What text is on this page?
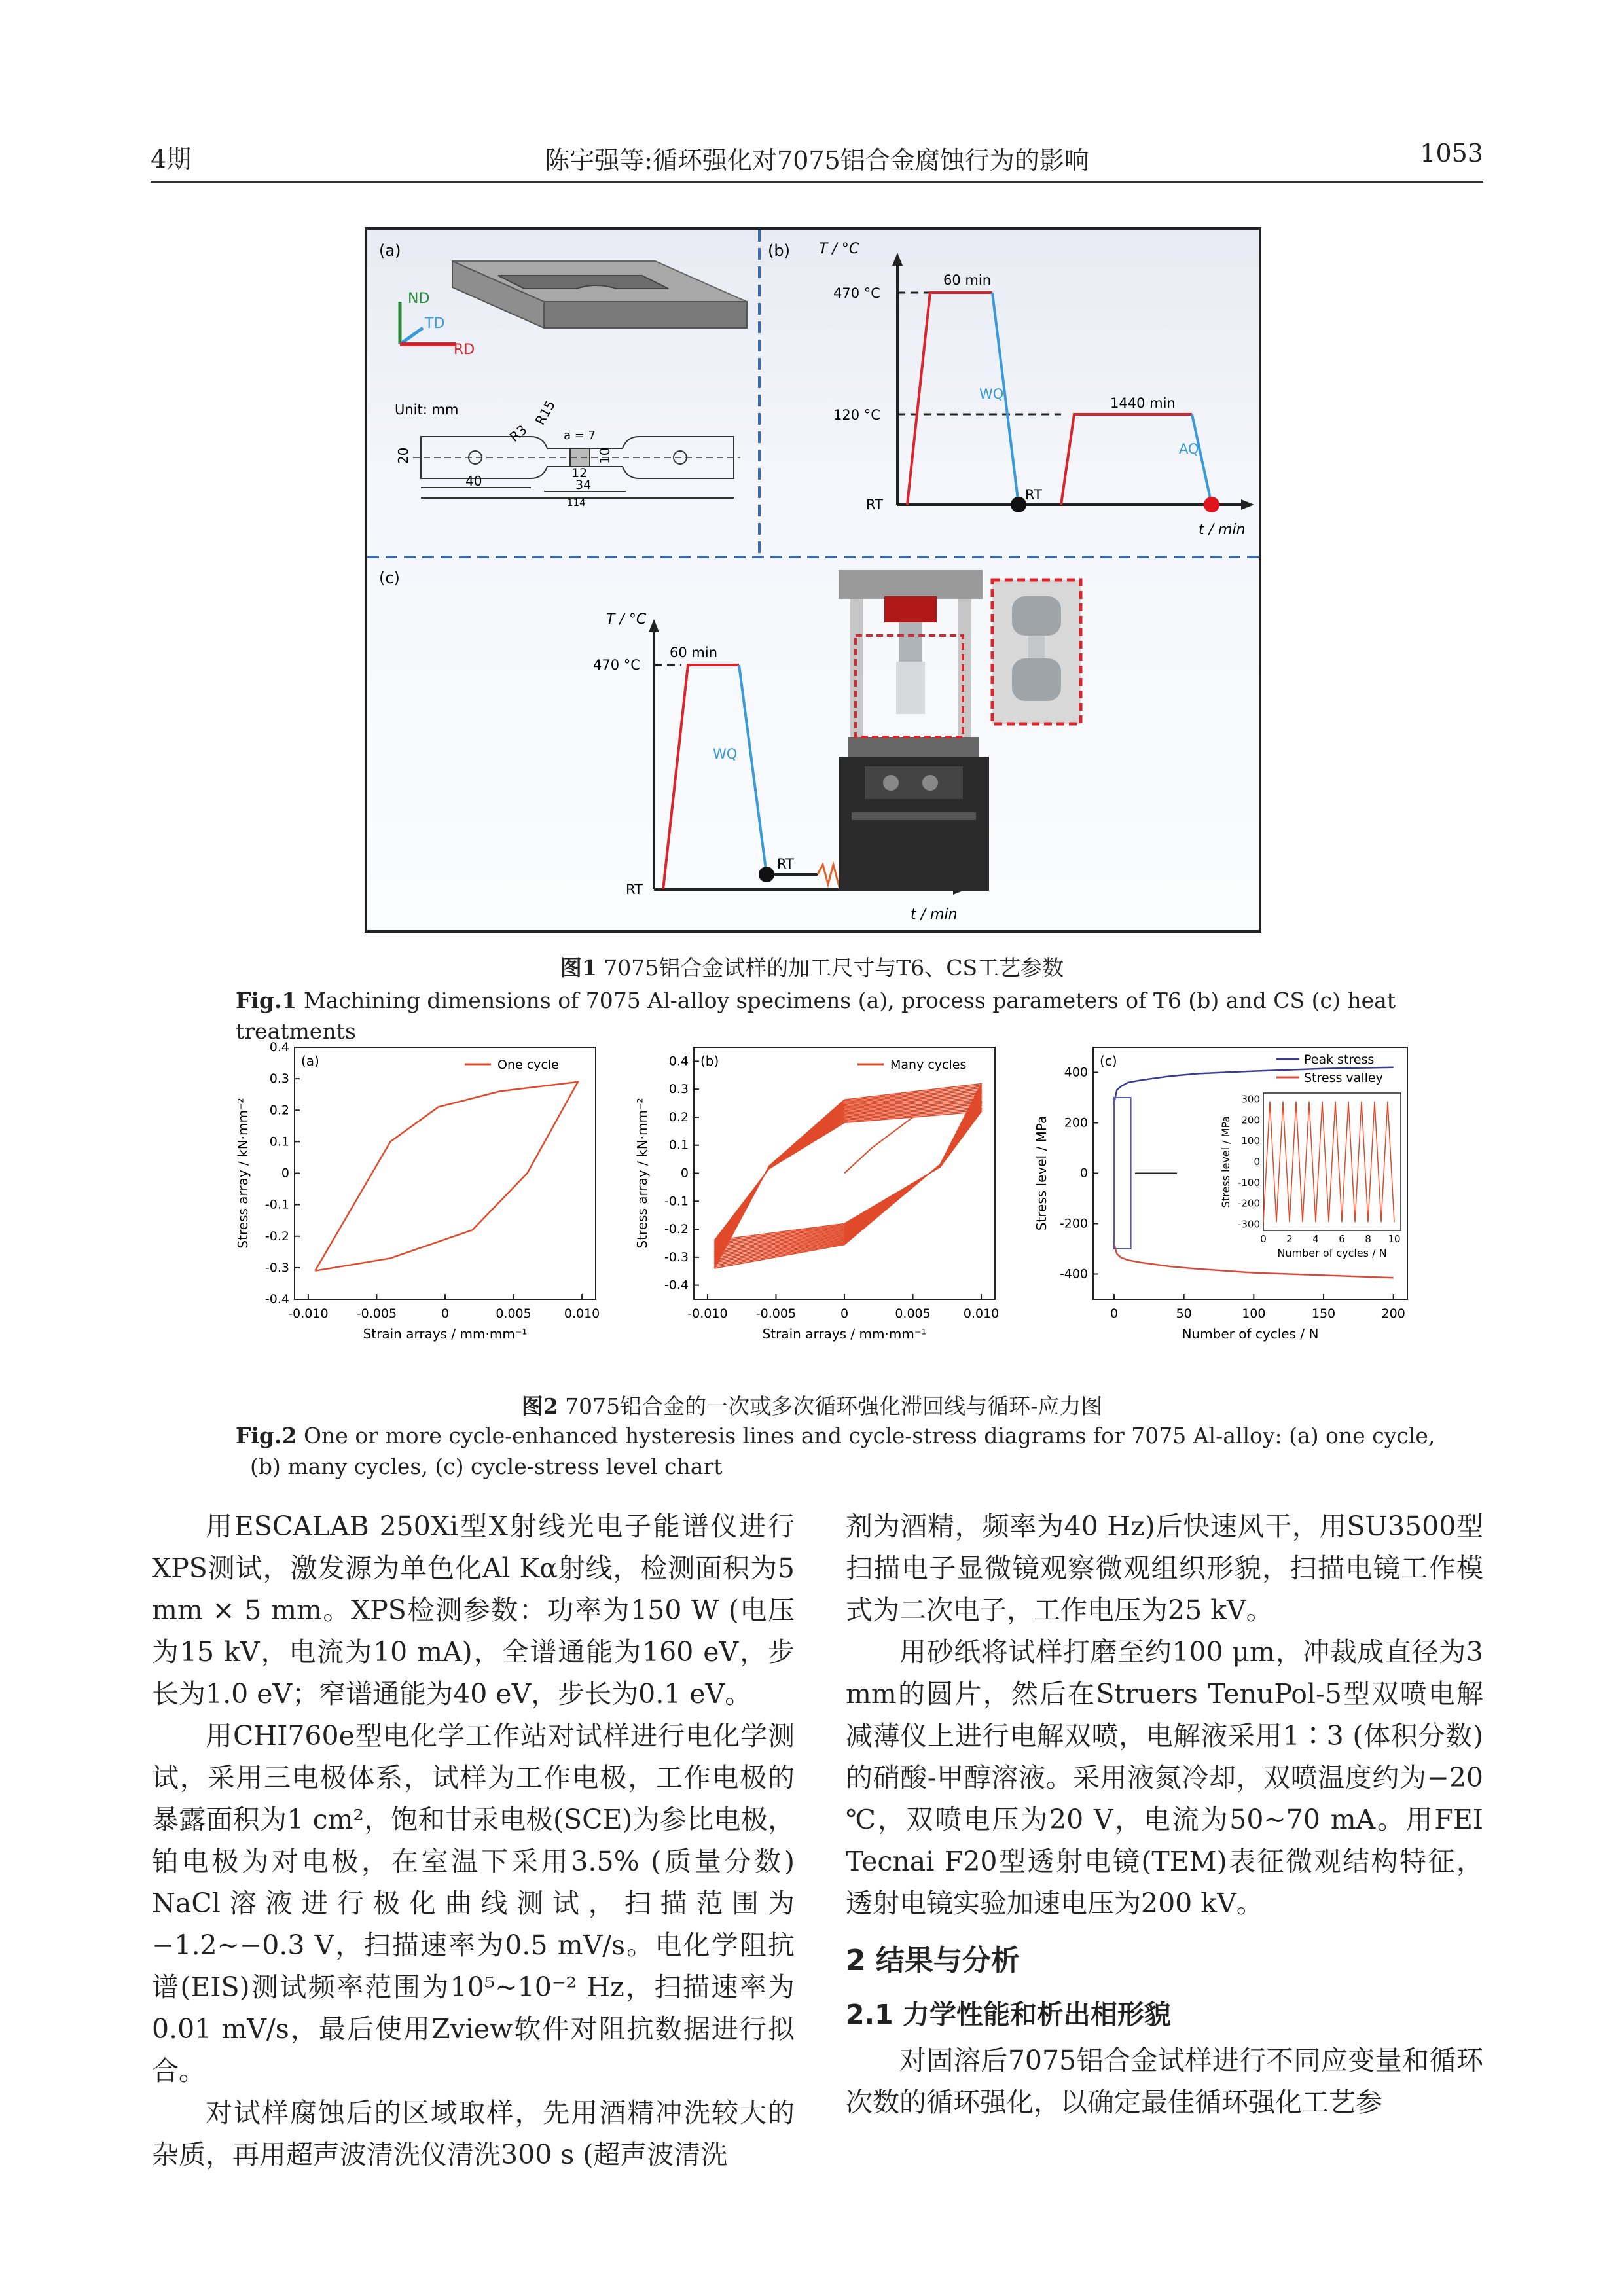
4期	陈宇强等:循环强化对7075铝合金腐蚀行为的影响	1053
(a)
ND
TD
RD
Unit: mm
R3
R15
a = 7
20	10
12
34
40
114
(b) T / °C
t / min
470 °C
120 °C
RT
60 min
WQ
RT
1440 min
AQ
(c)
T / °C
t / min
470 °C
RT
60 min
WQ
RT
图1 7075铝合金试样的加工尺寸与T6、CS工艺参数
Fig.1 Machining dimensions of 7075 Al-alloy specimens (a), process parameters of T6 (b) and CS (c) heat treatments
-0.010 -0.005	0	0.005	0.010
0.4
0.3
0.2
0.1
0
-0.1
-0.2
-0.3
-0.4
Strain arrays / mm·mm⁻¹
Stress array / kN·mm⁻²
(a)	One cycle
-0.010 -0.005	0	0.005	0.010
0.4
0.3
0.2
0.1
0
-0.1
-0.2
-0.3
-0.4
Strain arrays / mm·mm⁻¹
Stress array / kN·mm⁻²
(b)	Many cycles
0	50	100	150	200
400
200
0
-200
-400
Number of cycles / N
Stress level / MPa
(c)	Peak stress
Stress valley
300
200
100
0
-100
-200
-300
0 2 4 6 8 10
Number of cycles / N
Stress level / MPa
图2 7075铝合金的一次或多次循环强化滞回线与循环-应力图
Fig.2 One or more cycle-enhanced hysteresis lines and cycle-stress diagrams for 7075 Al-alloy: (a) one cycle, (b) many cycles, (c) cycle-stress level chart

用ESCALAB 250Xi型X射线光电子能谱仪进行XPS测试，激发源为单色化Al Kα射线，检测面积为5 mm × 5 mm。XPS检测参数：功率为150 W (电压为15 kV，电流为10 mA)，全谱通能为160 eV，步长为1.0 eV；窄谱通能为40 eV，步长为0.1 eV。

用CHI760e型电化学工作站对试样进行电化学测试，采用三电极体系，试样为工作电极，工作电极的暴露面积为1 cm²，饱和甘汞电极(SCE)为参比电极，铂电极为对电极，在室温下采用3.5% (质量分数) NaCl溶液进行极化曲线测试，扫描范围为−1.2~−0.3 V，扫描速率为0.5 mV/s。电化学阻抗谱(EIS)测试频率范围为10⁵~10⁻² Hz，扫描速率为0.01 mV/s，最后使用Zview软件对阻抗数据进行拟合。

对试样腐蚀后的区域取样，先用酒精冲洗较大的杂质，再用超声波清洗仪清洗300 s (超声波清洗

剂为酒精，频率为40 Hz)后快速风干，用SU3500型扫描电子显微镜观察微观组织形貌，扫描电镜工作模式为二次电子，工作电压为25 kV。

用砂纸将试样打磨至约100 μm，冲裁成直径为3 mm的圆片，然后在Struers TenuPol-5型双喷电解减薄仪上进行电解双喷，电解液采用1∶3 (体积分数)的硝酸-甲醇溶液。采用液氮冷却，双喷温度约为−20 ℃，双喷电压为20 V，电流为50~70 mA。用FEI Tecnai F20型透射电镜(TEM)表征微观结构特征，透射电镜实验加速电压为200 kV。

2 结果与分析
2.1 力学性能和析出相形貌

对固溶后7075铝合金试样进行不同应变量和循环次数的循环强化，以确定最佳循环强化工艺参
